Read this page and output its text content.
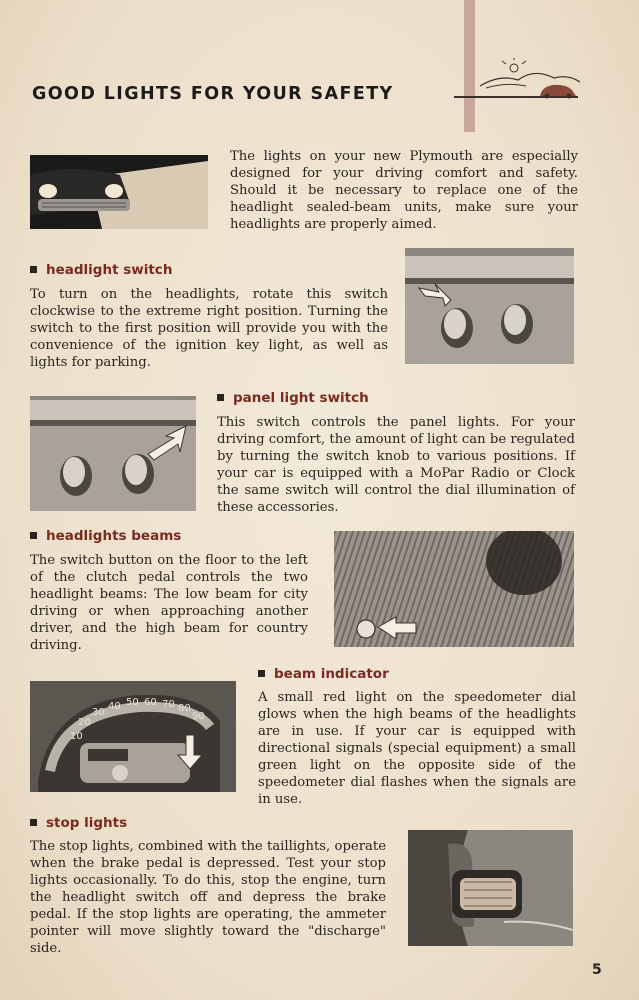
GOOD LIGHTS FOR YOUR SAFETY

The lights on your new Plymouth are especially designed for your driving comfort and safety. Should it be necessary to replace one of the headlight sealed-beam units, make sure your headlights are properly aimed.

headlight switch

To turn on the headlights, rotate this switch clockwise to the extreme right position. Turning the switch to the first position will provide you with the convenience of the ignition key light, as well as lights for parking.

panel light switch

This switch controls the panel lights. For your driving comfort, the amount of light can be regulated by turning the switch knob to various positions. If your car is equipped with a MoPar Radio or Clock the same switch will control the dial illumination of these accessories.

headlights beams

The switch button on the floor to the left of the clutch pedal controls the two headlight beams: The low beam for city driving or when approaching another driver, and the high beam for country driving.

10
20
30
40 50 60 70 80
90
beam indicator

A small red light on the speedometer dial glows when the high beams of the headlights are in use. If your car is equipped with directional signals (special equipment) a small green light on the opposite side of the speedometer dial flashes when the signals are in use.

stop lights

The stop lights, combined with the taillights, operate when the brake pedal is depressed. Test your stop lights occasionally. To do this, stop the engine, turn the headlight switch off and depress the brake pedal. If the stop lights are operating, the ammeter pointer will move slightly toward the "discharge" side.

5
